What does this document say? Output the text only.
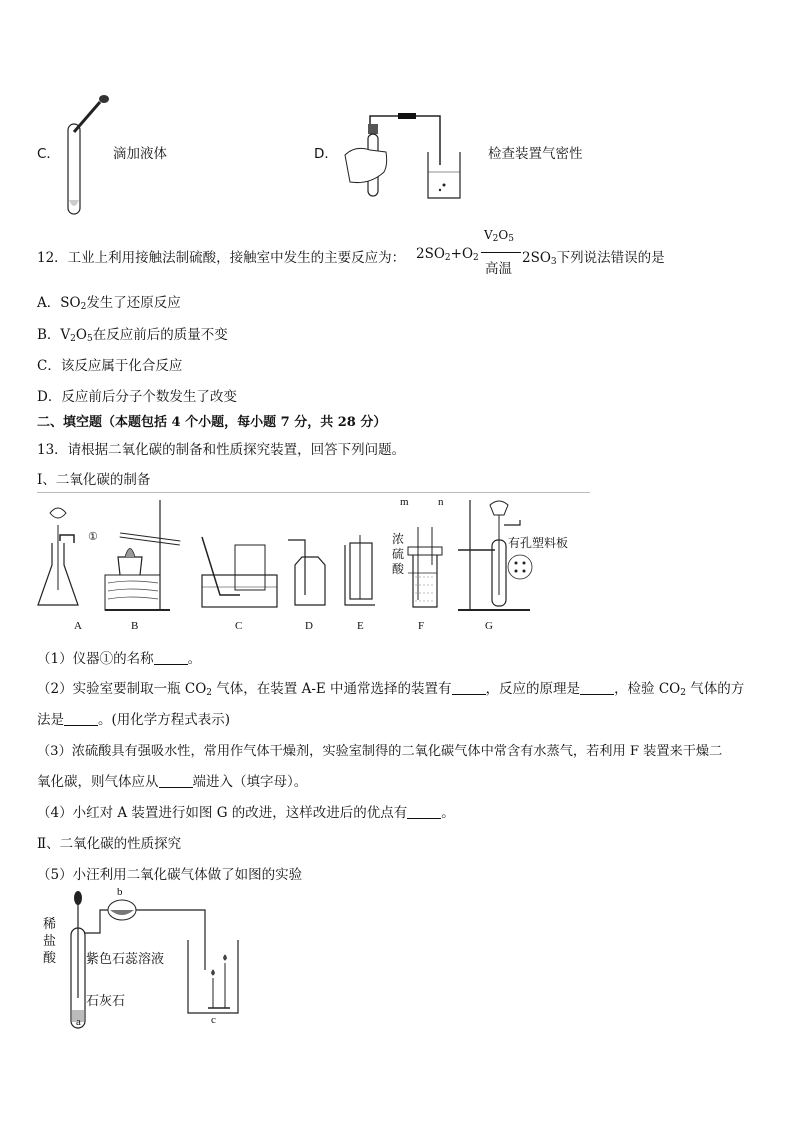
C．	滴加液体	D．	检查装置气密性
12．工业上利用接触法制硫酸，接触室中发生的主要反应为： $2SO_2+O_2$
$V_2O_5$
高温
$2SO_3$下列说法错误的是
A．$SO_2$发生了还原反应
B．$V_2O_5$在反应前后的质量不变
C．该反应属于化合反应
D．反应前后分子个数发生了改变
二、填空题（本题包括 4 个小题，每小题 7 分，共 28 分）
13．请根据二氧化碳的制备和性质探究装置，回答下列问题。
Ⅰ、二氧化碳的制备
①
m	n
浓
硫
酸
有孔塑料板
A	B	C	D	E	F	G
（1）仪器①的名称	。
（2）实验室要制取一瓶 $CO_2$ 气体，在装置 A-E 中通常选择的装置有	，反应的原理是	，检验 $CO_2$ 气体的方
法是	。(用化学方程式表示)
（3）浓硫酸具有强吸水性，常用作气体干燥剂，实验室制得的二氧化碳气体中常含有水蒸气，若利用 F 装置来干燥二
氧化碳，则气体应从	端进入（填字母）。
（4）小红对 A 装置进行如图 G 的改进，这样改进后的优点有	。
Ⅱ、二氧化碳的性质探究
（5）小汪利用二氧化碳气体做了如图的实验
稀
盐
酸
b
紫色石蕊溶液
石灰石
a	c
